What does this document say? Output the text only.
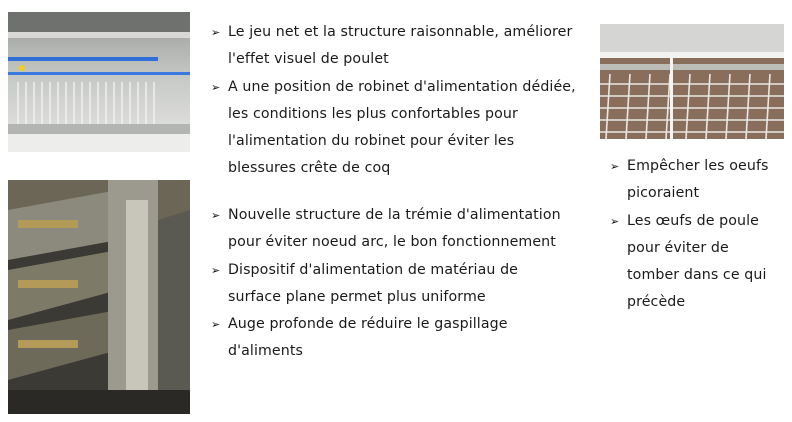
➢ Le jeu net et la structure raisonnable, améliorer l'effet visuel de poulet
➢ A une position de robinet d'alimentation dédiée, les conditions les plus confortables pour l'alimentation du robinet pour éviter les blessures crête de coq
➢ Nouvelle structure de la trémie d'alimentation pour éviter noeud arc, le bon fonctionnement
➢ Dispositif d'alimentation de matériau de surface plane permet plus uniforme
➢ Auge profonde de réduire le gaspillage d'aliments
➢ Empêcher les oeufs picoraient
➢ Les œufs de poule pour éviter de tomber dans ce qui précède
